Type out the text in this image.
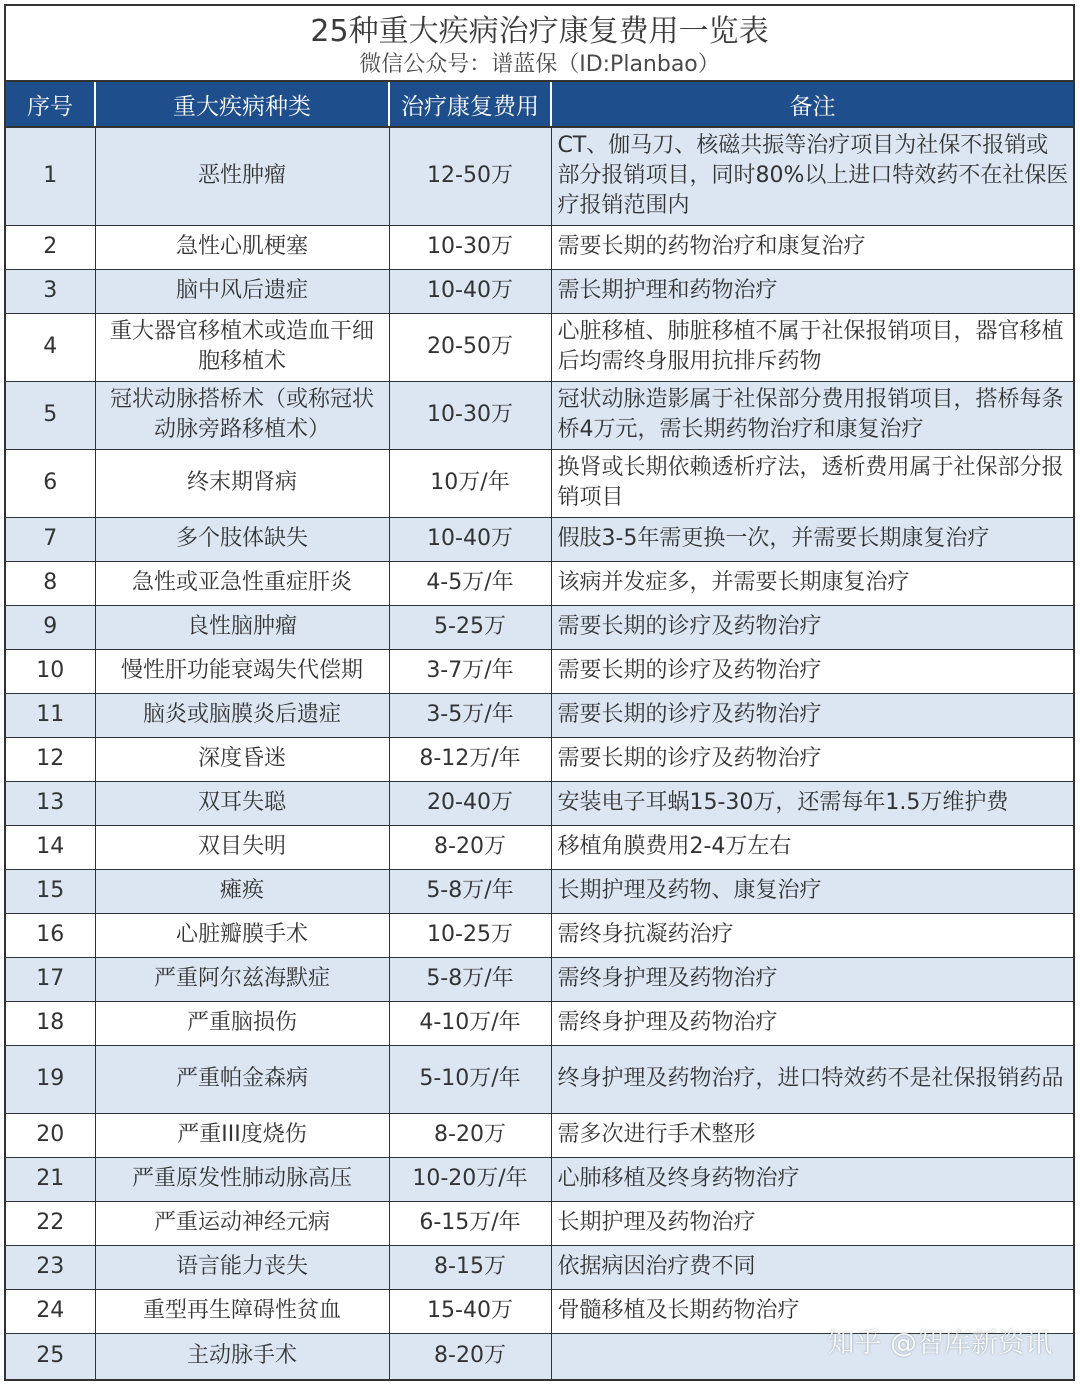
25种重大疾病治疗康复费用一览表
微信公众号：谱蓝保（ID:Planbao）
序号	重大疾病种类	治疗康复费用	备注
1	恶性肿瘤	12-50万	CT、伽马刀、核磁共振等治疗项目为社保不报销或部分报销项目，同时80%以上进口特效药不在社保医疗报销范围内
2	急性心肌梗塞	10-30万	需要长期的药物治疗和康复治疗
3	脑中风后遗症	10-40万	需长期护理和药物治疗
4	重大器官移植术或造血干细胞移植术	20-50万	心脏移植、肺脏移植不属于社保报销项目，器官移植后均需终身服用抗排斥药物
5	冠状动脉搭桥术（或称冠状动脉旁路移植术）	10-30万	冠状动脉造影属于社保部分费用报销项目，搭桥每条桥4万元，需长期药物治疗和康复治疗
6	终末期肾病	10万/年	换肾或长期依赖透析疗法，透析费用属于社保部分报销项目
7	多个肢体缺失	10-40万	假肢3-5年需更换一次，并需要长期康复治疗
8	急性或亚急性重症肝炎	4-5万/年	该病并发症多，并需要长期康复治疗
9	良性脑肿瘤	5-25万	需要长期的诊疗及药物治疗
10	慢性肝功能衰竭失代偿期	3-7万/年	需要长期的诊疗及药物治疗
11	脑炎或脑膜炎后遗症	3-5万/年	需要长期的诊疗及药物治疗
12	深度昏迷	8-12万/年	需要长期的诊疗及药物治疗
13	双耳失聪	20-40万	安装电子耳蜗15-30万，还需每年1.5万维护费
14	双目失明	8-20万	移植角膜费用2-4万左右
15	瘫痪	5-8万/年	长期护理及药物、康复治疗
16	心脏瓣膜手术	10-25万	需终身抗凝药治疗
17	严重阿尔兹海默症	5-8万/年	需终身护理及药物治疗
18	严重脑损伤	4-10万/年	需终身护理及药物治疗
19	严重帕金森病	5-10万/年	终身护理及药物治疗，进口特效药不是社保报销药品
20	严重III度烧伤	8-20万	需多次进行手术整形
21	严重原发性肺动脉高压	10-20万/年	心肺移植及终身药物治疗
22	严重运动神经元病	6-15万/年	长期护理及药物治疗
23	语言能力丧失	8-15万	依据病因治疗费不同
24	重型再生障碍性贫血	15-40万	骨髓移植及长期药物治疗
25	主动脉手术	8-20万		知乎 @智库新资讯
